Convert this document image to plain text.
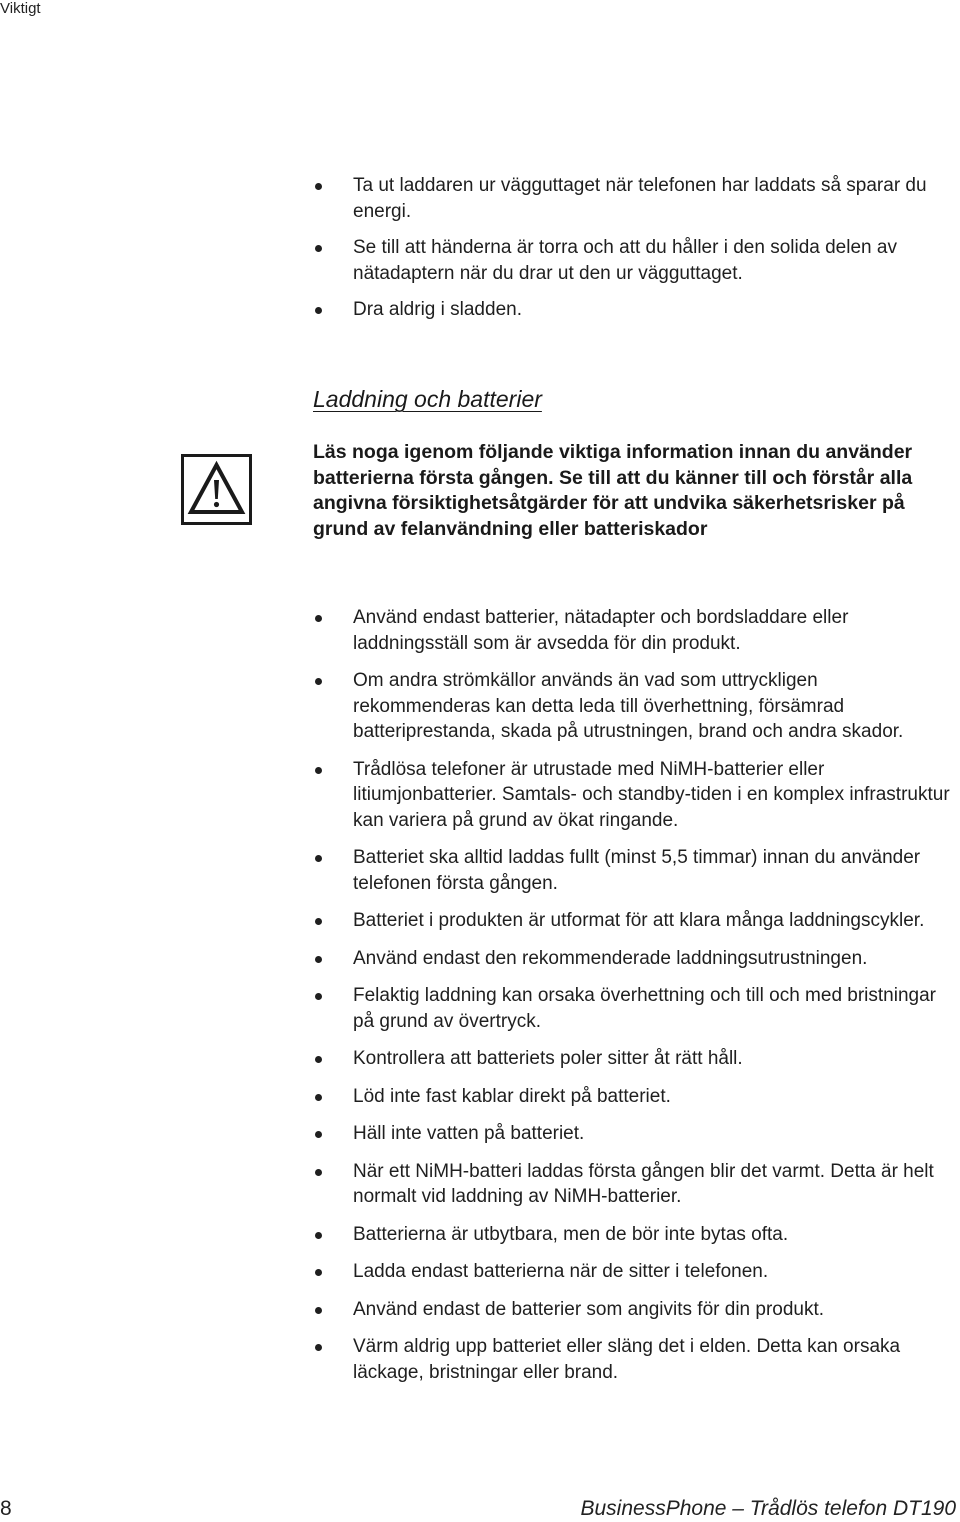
Viktigt
Ta ut laddaren ur vägguttaget när telefonen har laddats så sparar du energi.
Se till att händerna är torra och att du håller i den solida delen av nätadaptern när du drar ut den ur vägguttaget.
Dra aldrig i sladden.
Laddning och batterier

Läs noga igenom följande viktiga information innan du använder batterierna första gången. Se till att du känner till och förstår alla angivna försiktighetsåtgärder för att undvika säkerhetsrisker på grund av felanvändning eller batteriskador

Använd endast batterier, nätadapter och bordsladdare eller laddningsställ som är avsedda för din produkt.
Om andra strömkällor används än vad som uttryckligen rekommenderas kan detta leda till överhettning, försämrad batteriprestanda, skada på utrustningen, brand och andra skador.
Trådlösa telefoner är utrustade med NiMH-batterier eller litiumjonbatterier. Samtals- och standby-tiden i en komplex infrastruktur kan variera på grund av ökat ringande.
Batteriet ska alltid laddas fullt (minst 5,5 timmar) innan du använder telefonen första gången.
Batteriet i produkten är utformat för att klara många laddningscykler.
Använd endast den rekommenderade laddningsutrustningen.
Felaktig laddning kan orsaka överhettning och till och med bristningar på grund av övertryck.
Kontrollera att batteriets poler sitter åt rätt håll.
Löd inte fast kablar direkt på batteriet.
Häll inte vatten på batteriet.
När ett NiMH-batteri laddas första gången blir det varmt. Detta är helt normalt vid laddning av NiMH-batterier.
Batterierna är utbytbara, men de bör inte bytas ofta.
Ladda endast batterierna när de sitter i telefonen.
Använd endast de batterier som angivits för din produkt.
Värm aldrig upp batteriet eller släng det i elden. Detta kan orsaka läckage, bristningar eller brand.
8	BusinessPhone – Trådlös telefon DT190
